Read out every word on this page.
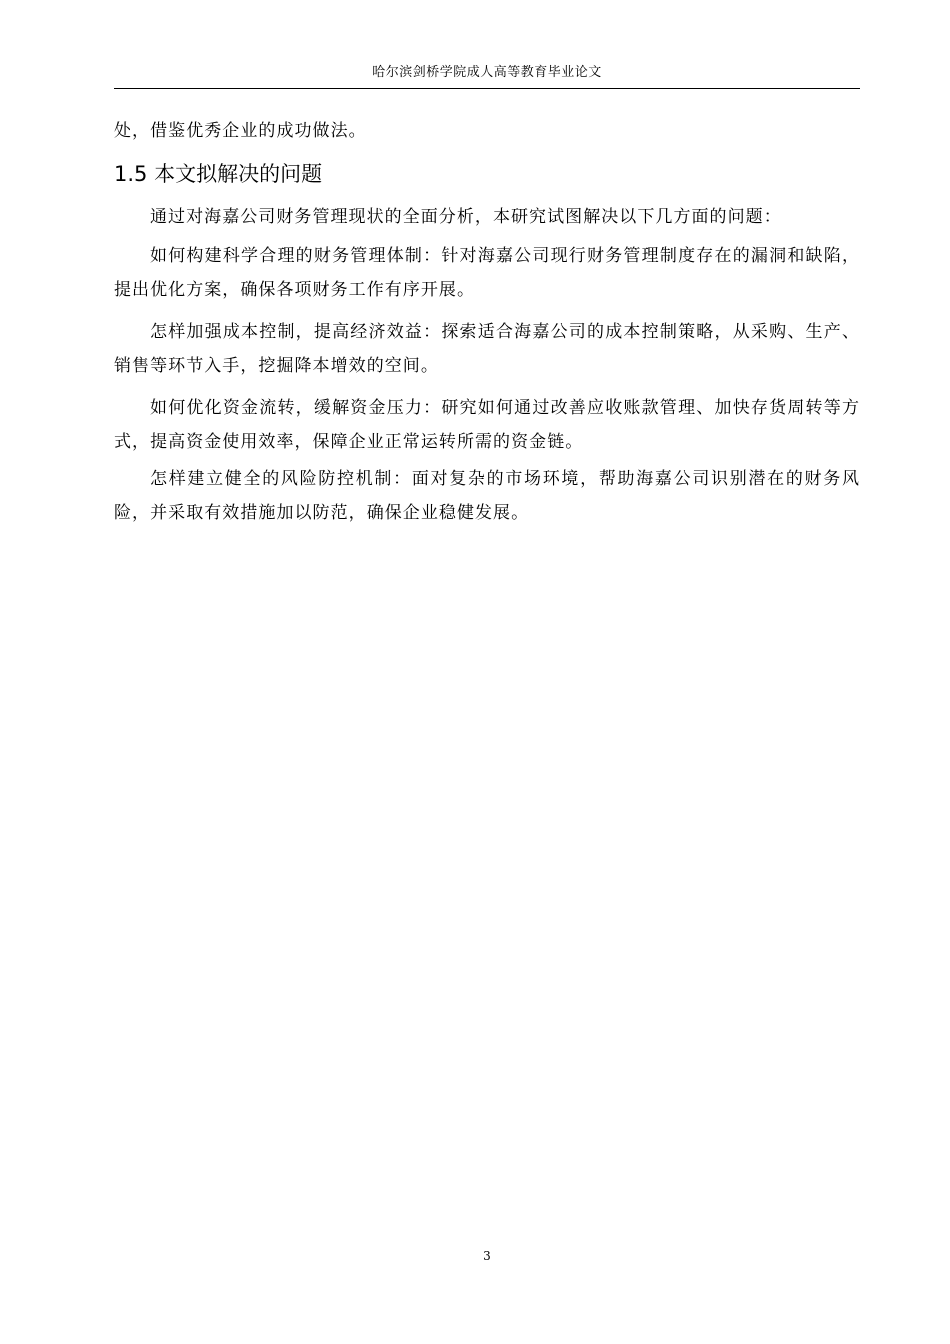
哈尔滨剑桥学院成人高等教育毕业论文
处，借鉴优秀企业的成功做法。
1.5 本文拟解决的问题
通过对海嘉公司财务管理现状的全面分析，本研究试图解决以下几方面的问题：
如何构建科学合理的财务管理体制：针对海嘉公司现行财务管理制度存在的漏洞和缺陷，提出优化方案，确保各项财务工作有序开展。
怎样加强成本控制，提高经济效益：探索适合海嘉公司的成本控制策略，从采购、生产、销售等环节入手，挖掘降本增效的空间。
如何优化资金流转，缓解资金压力：研究如何通过改善应收账款管理、加快存货周转等方式，提高资金使用效率，保障企业正常运转所需的资金链。
怎样建立健全的风险防控机制：面对复杂的市场环境，帮助海嘉公司识别潜在的财务风险，并采取有效措施加以防范，确保企业稳健发展。
3
